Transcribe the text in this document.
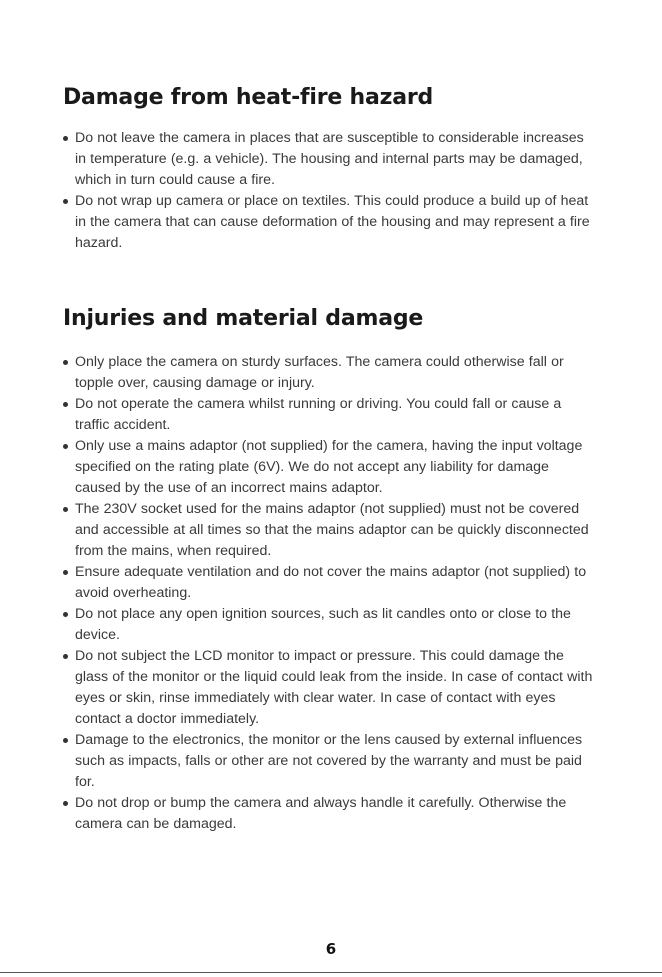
Damage from heat-fire hazard
Do not leave the camera in places that are susceptible to considerable increases in temperature (e.g. a vehicle). The housing and internal parts may be damaged, which in turn could cause a fire.
Do not wrap up camera or place on textiles. This could produce a build up of heat in the camera that can cause deformation of the housing and may represent a fire hazard.
Injuries and material damage
Only place the camera on sturdy surfaces. The camera could otherwise fall or topple over, causing damage or injury.
Do not operate the camera whilst running or driving. You could fall or cause a traffic accident.
Only use a mains adaptor (not supplied) for the camera, having the input voltage specified on the rating plate (6V). We do not accept any liability for damage caused by the use of an incorrect mains adaptor.
The 230V socket used for the mains adaptor (not supplied) must not be covered and accessible at all times so that the mains adaptor can be quickly disconnected from the mains, when required.
Ensure adequate ventilation and do not cover the mains adaptor (not supplied) to avoid overheating.
Do not place any open ignition sources, such as lit candles onto or close to the device.
Do not subject the LCD monitor to impact or pressure. This could damage the glass of the monitor or the liquid could leak from the inside. In case of contact with eyes or skin, rinse immediately with clear water. In case of contact with eyes contact a doctor immediately.
Damage to the electronics, the monitor or the lens caused by external influences such as impacts, falls or other are not covered by the warranty and must be paid for.
Do not drop or bump the camera and always handle it carefully. Otherwise the camera can be damaged.
6
